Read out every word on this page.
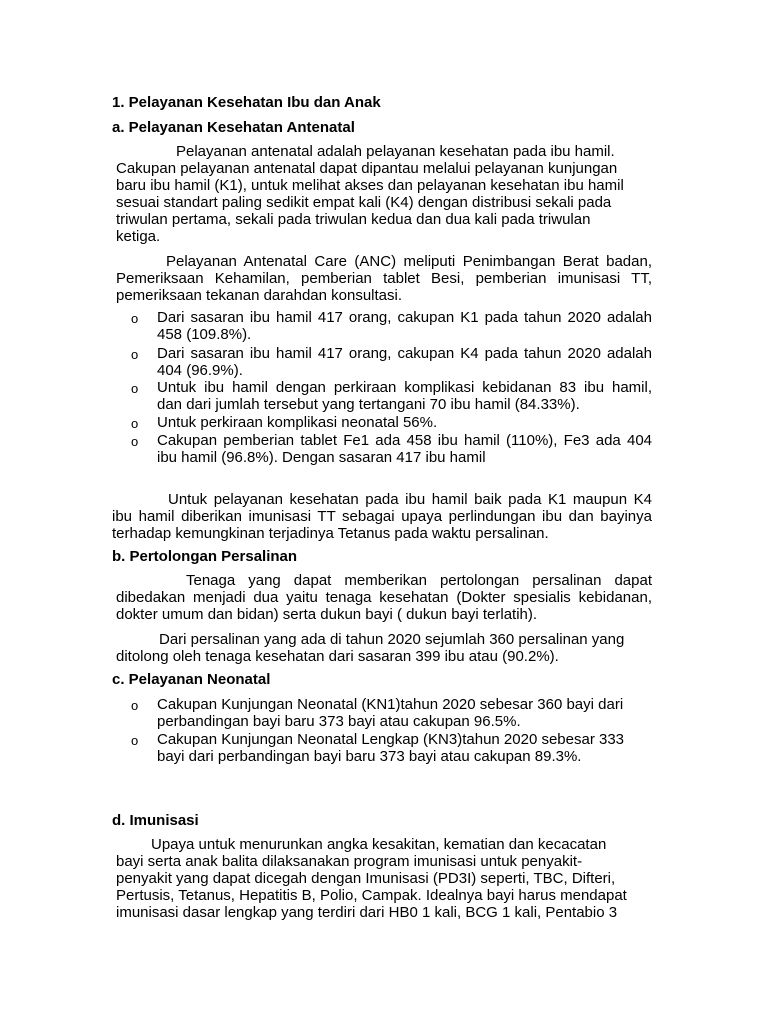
1. Pelayanan Kesehatan Ibu dan Anak
a. Pelayanan Kesehatan Antenatal
Pelayanan antenatal adalah pelayanan kesehatan pada ibu hamil.
Cakupan pelayanan antenatal dapat dipantau melalui pelayanan kunjungan
baru ibu hamil (K1), untuk melihat akses dan pelayanan kesehatan ibu hamil
sesuai standart paling sedikit empat kali (K4) dengan distribusi sekali pada
triwulan pertama, sekali pada triwulan kedua dan dua kali pada triwulan
ketiga.
Pelayanan Antenatal Care (ANC) meliputi Penimbangan Berat badan,
Pemeriksaan Kehamilan, pemberian tablet Besi, pemberian imunisasi TT,
pemeriksaan tekanan darahdan konsultasi.
o Dari sasaran ibu hamil 417 orang, cakupan K1 pada tahun 2020 adalah
458 (109.8%).
o Dari sasaran ibu hamil 417 orang, cakupan K4 pada tahun 2020 adalah
404 (96.9%).
o Untuk ibu hamil dengan perkiraan komplikasi kebidanan 83 ibu hamil,
dan dari jumlah tersebut yang tertangani 70 ibu hamil (84.33%).
o Untuk perkiraan komplikasi neonatal 56%.
o Cakupan pemberian tablet Fe1 ada 458 ibu hamil (110%), Fe3 ada 404
ibu hamil (96.8%). Dengan sasaran 417 ibu hamil
Untuk pelayanan kesehatan pada ibu hamil baik pada K1 maupun K4
ibu hamil diberikan imunisasi TT sebagai upaya perlindungan ibu dan bayinya
terhadap kemungkinan terjadinya Tetanus pada waktu persalinan.
b. Pertolongan Persalinan
Tenaga yang dapat memberikan pertolongan persalinan dapat
dibedakan menjadi dua yaitu tenaga kesehatan (Dokter spesialis kebidanan,
dokter umum dan bidan) serta dukun bayi ( dukun bayi terlatih).
Dari persalinan yang ada di tahun 2020 sejumlah 360 persalinan yang
ditolong oleh tenaga kesehatan dari sasaran 399 ibu atau (90.2%).
c. Pelayanan Neonatal
o Cakupan Kunjungan Neonatal (KN1)tahun 2020 sebesar 360 bayi dari
perbandingan bayi baru 373 bayi atau cakupan 96.5%.
o Cakupan Kunjungan Neonatal Lengkap (KN3)tahun 2020 sebesar 333
bayi dari perbandingan bayi baru 373 bayi atau cakupan 89.3%.
d. Imunisasi
Upaya untuk menurunkan angka kesakitan, kematian dan kecacatan
bayi serta anak balita dilaksanakan program imunisasi untuk penyakit-
penyakit yang dapat dicegah dengan Imunisasi (PD3I) seperti, TBC, Difteri,
Pertusis, Tetanus, Hepatitis B, Polio, Campak. Idealnya bayi harus mendapat
imunisasi dasar lengkap yang terdiri dari HB0 1 kali, BCG 1 kali, Pentabio 3
